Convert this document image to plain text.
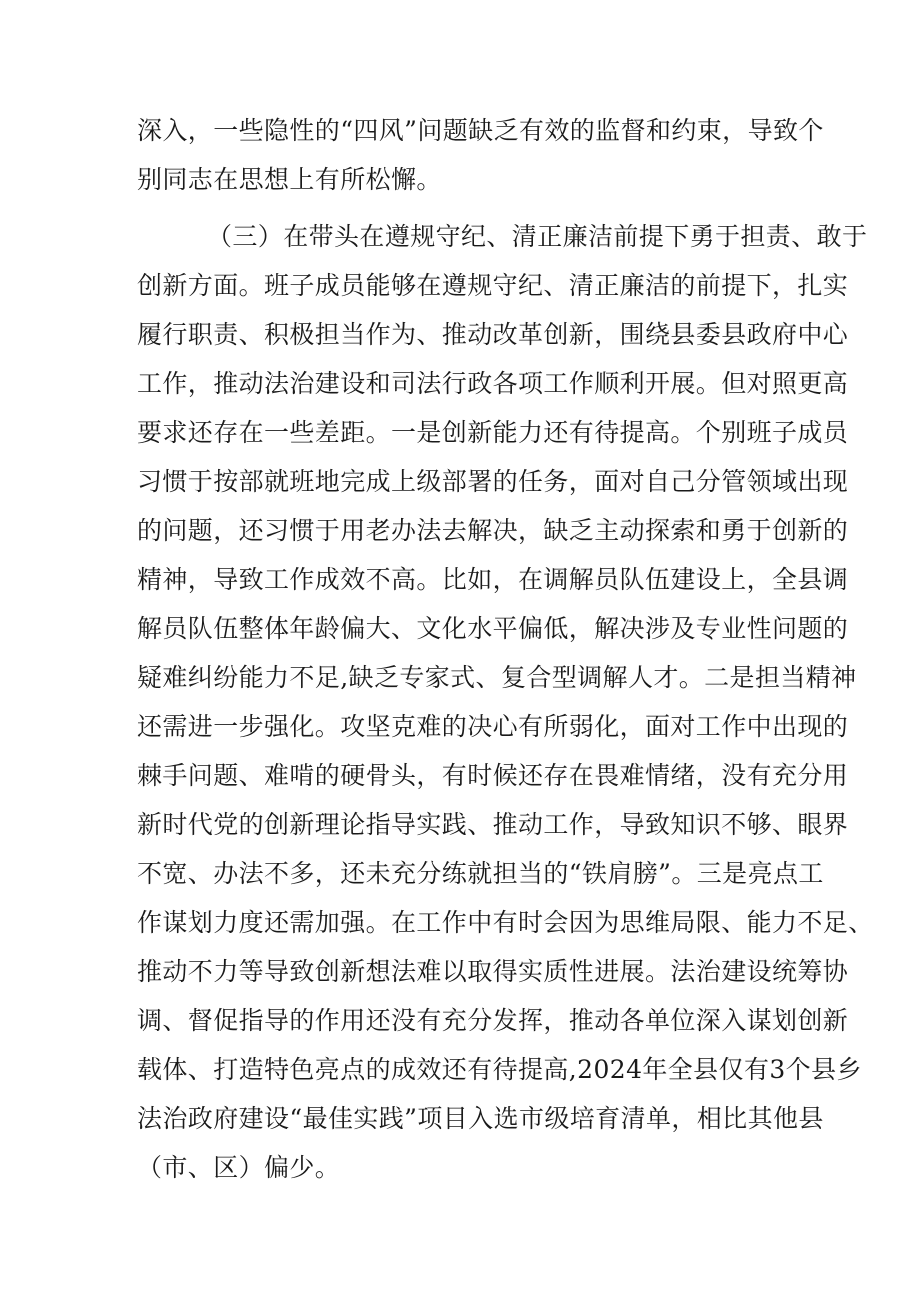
深入，一些隐性的“四风”问题缺乏有效的监督和约束，导致个
别同志在思想上有所松懈。
（三）在带头在遵规守纪、清正廉洁前提下勇于担责、敢于
创新方面。班子成员能够在遵规守纪、清正廉洁的前提下，扎实
履行职责、积极担当作为、推动改革创新，围绕县委县政府中心
工作，推动法治建设和司法行政各项工作顺利开展。但对照更高
要求还存在一些差距。一是创新能力还有待提高。个别班子成员
习惯于按部就班地完成上级部署的任务，面对自己分管领域出现
的问题，还习惯于用老办法去解决，缺乏主动探索和勇于创新的
精神，导致工作成效不高。比如，在调解员队伍建设上，全县调
解员队伍整体年龄偏大、文化水平偏低，解决涉及专业性问题的
疑难纠纷能力不足,缺乏专家式、复合型调解人才。二是担当精神
还需进一步强化。攻坚克难的决心有所弱化，面对工作中出现的
棘手问题、难啃的硬骨头，有时候还存在畏难情绪，没有充分用
新时代党的创新理论指导实践、推动工作，导致知识不够、眼界
不宽、办法不多，还未充分练就担当的“铁肩膀”。三是亮点工
作谋划力度还需加强。在工作中有时会因为思维局限、能力不足、
推动不力等导致创新想法难以取得实质性进展。法治建设统筹协
调、督促指导的作用还没有充分发挥，推动各单位深入谋划创新
载体、打造特色亮点的成效还有待提高,2024年全县仅有3个县乡
法治政府建设“最佳实践”项目入选市级培育清单，相比其他县
（市、区）偏少。
